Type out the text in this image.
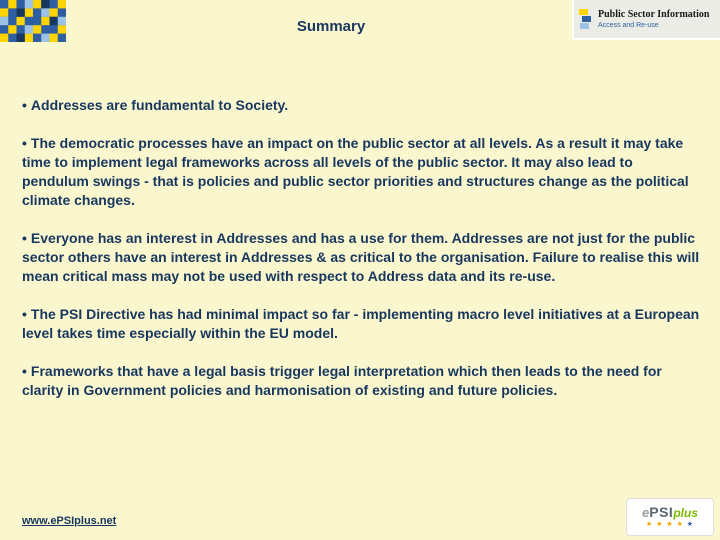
Summary
Public Sector Information
Access and Re-use

• Addresses are fundamental to Society.

• The democratic processes have an impact on the public sector at all levels. As a result it may take time to implement legal frameworks across all levels of the public sector. It may also lead to pendulum swings - that is policies and public sector priorities and structures change as the political climate changes.

• Everyone has an interest in Addresses and has a use for them. Addresses are not just for the public sector others have an interest in Addresses & as critical to the organisation. Failure to realise this will mean critical mass may not be used with respect to Address data and its re-use.

• The PSI Directive has had minimal impact so far - implementing macro level initiatives at a European level takes time especially within the EU model.

• Frameworks that have a legal basis trigger legal interpretation which then leads to the need for clarity in Government policies and harmonisation of existing and future policies.

www.ePSIplus.net
ePSIplus
★ ★ ★ ★ ★
